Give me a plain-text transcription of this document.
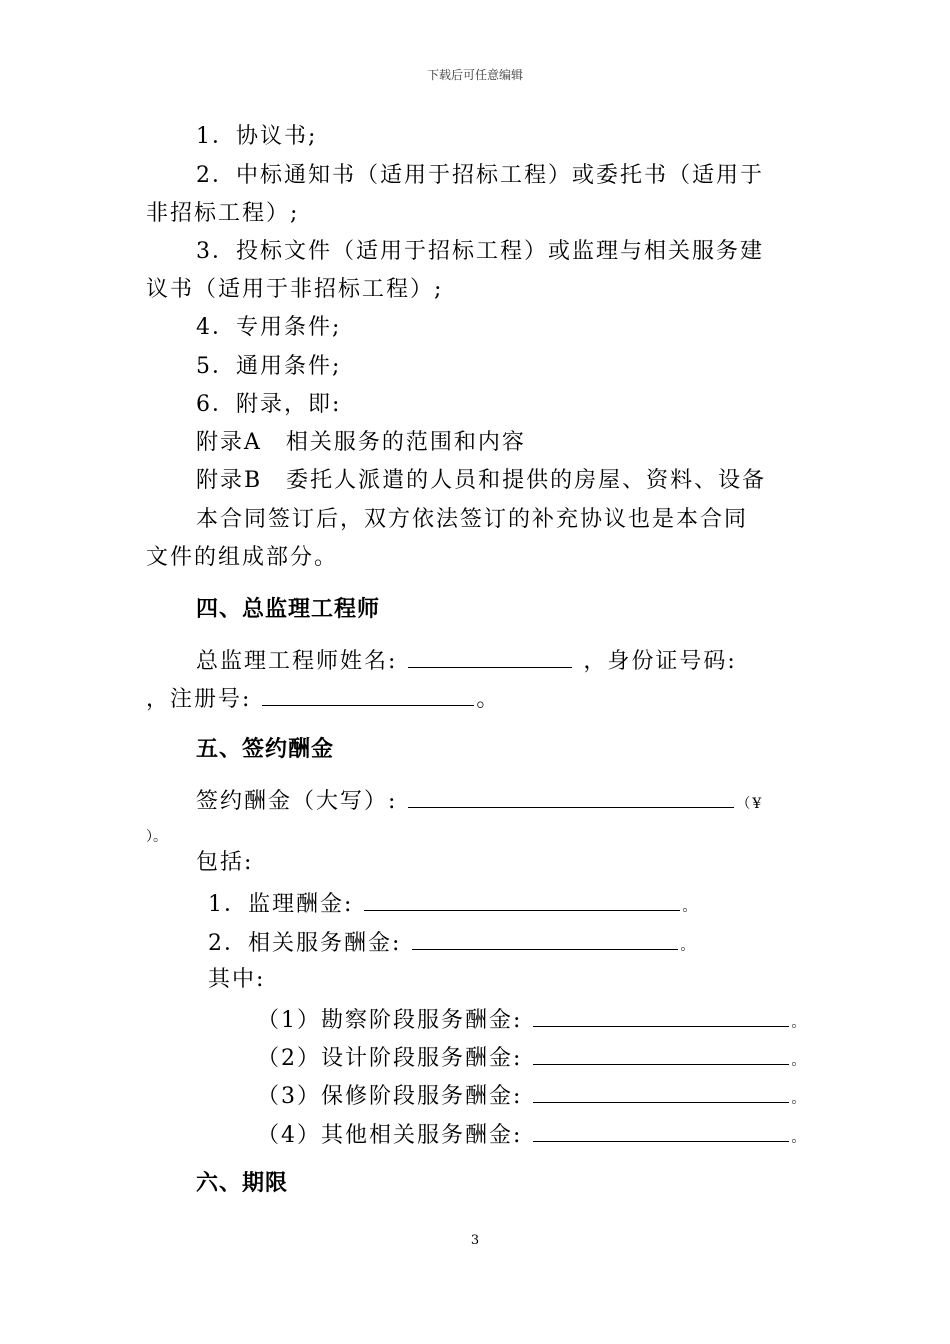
下载后可任意编辑
1．协议书;
2．中标通知书（适用于招标工程）或委托书（适用于
非招标工程）;
3．投标文件（适用于招标工程）或监理与相关服务建
议书（适用于非招标工程）;
4．专用条件;
5．通用条件;
6．附录，即:
附录A　相关服务的范围和内容
附录B　委托人派遣的人员和提供的房屋、资料、设备
本合同签订后，双方依法签订的补充协议也是本合同
文件的组成部分。
四、总监理工程师
总监理工程师姓名:	，身份证号码:
，注册号:	。
五、签约酬金
签约酬金（大写）:	（¥
）。
包括:
1．监理酬金:	。
2．相关服务酬金:	。
其中:
（1）勘察阶段服务酬金:	。
（2）设计阶段服务酬金:	。
（3）保修阶段服务酬金:	。
（4）其他相关服务酬金:	。
六、期限
3
